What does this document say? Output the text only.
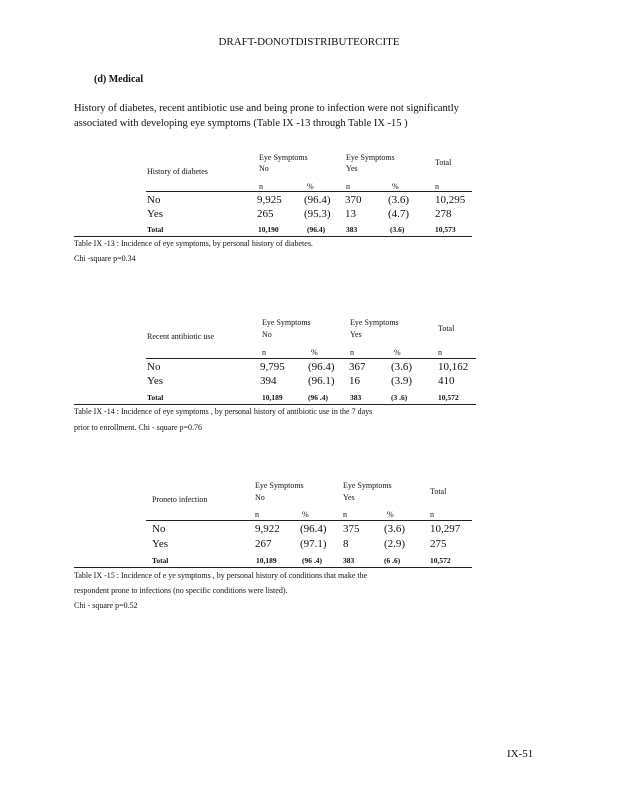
DRAFT-DONOTDISTRIBUTEORCITE
(d) Medical
History of diabetes, recent antibiotic use and being prone to infection were not significantly
associated with developing eye symptoms (Table IX -13 through Table IX -15 )
History of diabetes
Eye Symptoms
No
Eye Symptoms
Yes
Total
n	%	n	%	n
No	9,925 (96.4) 370 (3.6) 10,295
Yes	265	(95.3) 13	(4.7) 278
Total	10,190	(96.4)	383	(3.6)	10,573
Table IX -13 : Incidence of eye symptoms, by personal history of diabetes.
Chi -square p=0.34
Recent antibiotic use
Eye Symptoms
No
Eye Symptoms
Yes
Total
n	%	n	%	n
No	9,795 (96.4) 367 (3.6) 10,162
Yes	394	(96.1) 16	(3.9) 410
Total	10,189	(96 .4)	383	(3 .6)	10,572
Table IX -14 : Incidence of eye symptoms , by personal history of antibiotic use in the 7 days
prior to enrollment. Chi - square p=0.76
Proneto infection
Eye Symptoms
No
Eye Symptoms
Yes
Total
n	%	n	%	n
No	9,922 (96.4) 375 (3.6) 10,297
Yes	267	(97.1) 8	(2.9) 275
Total	10,189	(96 .4)	383	(6 .6)	10,572
Table IX -15 : Incidence of e ye symptoms , by personal history of conditions that make the
respondent prone to infections (no specific conditions were listed).
Chi - square p=0.52
IX-51
